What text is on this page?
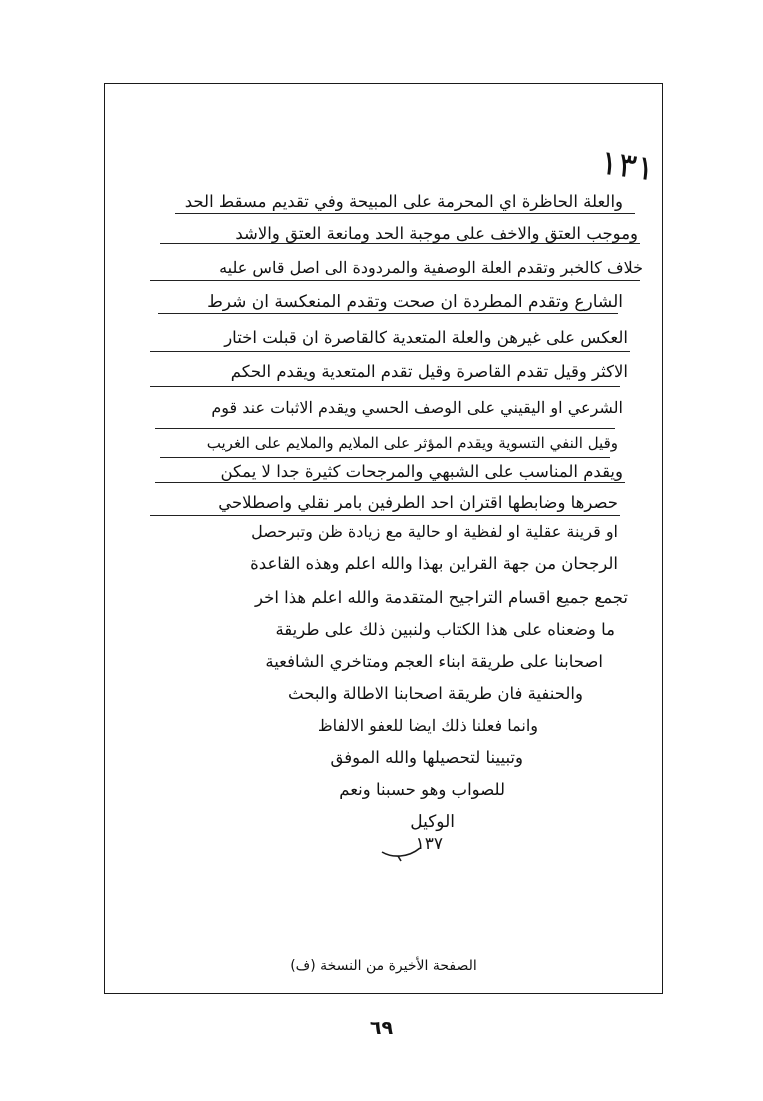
١٣١
والعلة الحاظرة اي المحرمة على المبيحة وفي تقديم مسقط الحد
وموجب العتق والاخف على موجبة الحد ومانعة العتق والاشد
خلاف كالخبر وتقدم العلة الوصفية والمردودة الى اصل قاس عليه
الشارع وتقدم المطردة ان صحت وتقدم المنعكسة ان شرط
العكس على غيرهن والعلة المتعدية كالقاصرة ان قبلت اختار
الاكثر وقيل تقدم القاصرة وقيل تقدم المتعدية ويقدم الحكم
الشرعي او اليقيني على الوصف الحسي ويقدم الاثبات عند قوم
وقيل النفي التسوية ويقدم المؤثر على الملايم والملايم على الغريب
ويقدم المناسب على الشبهي والمرجحات كثيرة جدا لا يمكن
حصرها وضابطها اقتران احد الطرفين بامر نقلي واصطلاحي
او قرينة عقلية او لفظية او حالية مع زيادة ظن وتبرحصل
الرجحان من جهة القراين بهذا والله اعلم وهذه القاعدة
تجمع جميع اقسام التراجيح المتقدمة والله اعلم هذا اخر
ما وضعناه على هذا الكتاب ولنبين ذلك على طريقة
اصحابنا على طريقة ابناء العجم ومتاخري الشافعية
والحنفية فان طريقة اصحابنا الاطالة والبحث
وانما فعلنا ذلك ايضا للعفو الالفاظ
وتبيينا لتحصيلها والله الموفق
للصواب وهو حسبنا ونعم
الوكيل
١٣٧
الصفحة الأخيرة من النسخة (ف)
٦٩
